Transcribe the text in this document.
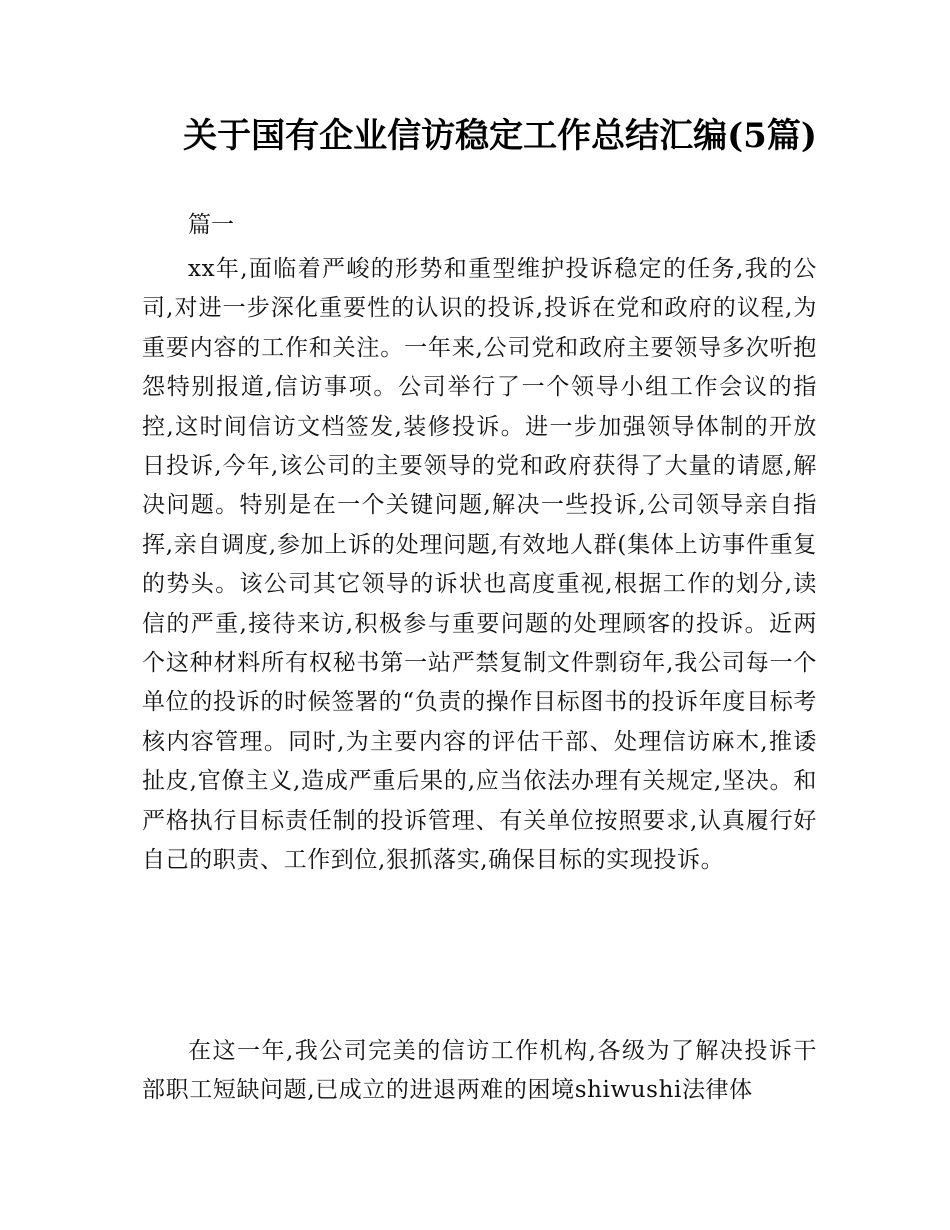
关于国有企业信访稳定工作总结汇编(5篇)

篇一

xx年,面临着严峻的形势和重型维护投诉稳定的任务,我的公司,对进一步深化重要性的认识的投诉,投诉在党和政府的议程,为重要内容的工作和关注。一年来,公司党和政府主要领导多次听抱怨特别报道,信访事项。公司举行了一个领导小组工作会议的指控,这时间信访文档签发,装修投诉。进一步加强领导体制的开放日投诉,今年,该公司的主要领导的党和政府获得了大量的请愿,解决问题。特别是在一个关键问题,解决一些投诉,公司领导亲自指挥,亲自调度,参加上诉的处理问题,有效地人群(集体上访事件重复的势头。该公司其它领导的诉状也高度重视,根据工作的划分,读信的严重,接待来访,积极参与重要问题的处理顾客的投诉。近两个这种材料所有权秘书第一站严禁复制文件剽窃年,我公司每一个单位的投诉的时候签署的“负责的操作目标图书的投诉年度目标考核内容管理。同时,为主要内容的评估干部、处理信访麻木,推诿扯皮,官僚主义,造成严重后果的,应当依法办理有关规定,坚决。和严格执行目标责任制的投诉管理、有关单位按照要求,认真履行好自己的职责、工作到位,狠抓落实,确保目标的实现投诉。

在这一年,我公司完美的信访工作机构,各级为了解决投诉干部职工短缺问题,已成立的进退两难的困境shiwushi法律体
